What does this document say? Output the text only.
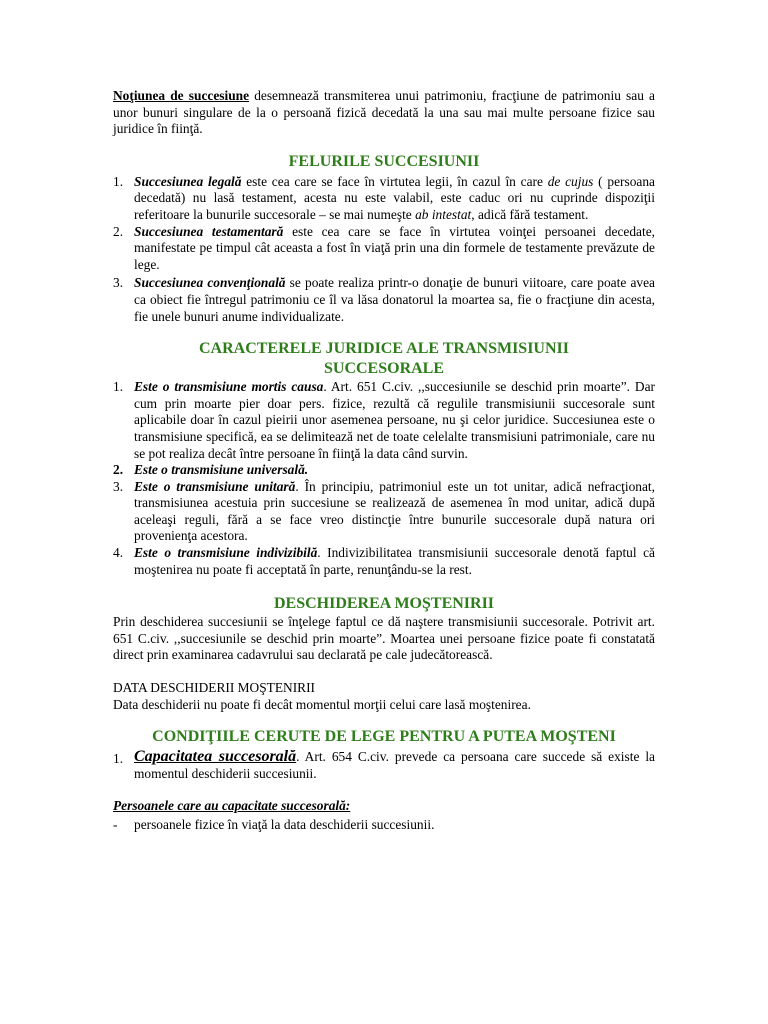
Noţiunea de succesiune desemnează transmiterea unui patrimoniu, fracţiune de patrimoniu sau a unor bunuri singulare de la o persoană fizică decedată la una sau mai multe persoane fizice sau juridice în fiinţă.

FELURILE SUCCESIUNII
1. Succesiunea legală este cea care se face în virtutea legii, în cazul în care de cujus ( persoana decedată) nu lasă testament, acesta nu este valabil, este caduc ori nu cuprinde dispoziţii referitoare la bunurile succesorale – se mai numeşte ab intestat, adică fără testament.
2. Succesiunea testamentară este cea care se face în virtutea voinţei persoanei decedate, manifestate pe timpul cât aceasta a fost în viaţă prin una din formele de testamente prevăzute de lege.
3. Succesiunea convenţională se poate realiza printr-o donaţie de bunuri viitoare, care poate avea ca obiect fie întregul patrimoniu ce îl va lăsa donatorul la moartea sa, fie o fracţiune din acesta, fie unele bunuri anume individualizate.
CARACTERELE JURIDICE ALE TRANSMISIUNII
SUCCESORALE
1. Este o transmisiune mortis causa. Art. 651 C.civ. ,,succesiunile se deschid prin moarte”. Dar cum prin moarte pier doar pers. fizice, rezultă că regulile transmisiunii succesorale sunt aplicabile doar în cazul pieirii unor asemenea persoane, nu şi celor juridice. Succesiunea este o transmisiune specifică, ea se delimitează net de toate celelalte transmisiuni patrimoniale, care nu se pot realiza decât între persoane în fiinţă la data când survin.
2. Este o transmisiune universală.
3. Este o transmisiune unitară. În principiu, patrimoniul este un tot unitar, adică nefracţionat, transmisiunea acestuia prin succesiune se realizează de asemenea în mod unitar, adică după aceleaşi reguli, fără a se face vreo distincţie între bunurile succesorale după natura ori provenienţa acestora.
4. Este o transmisiune indivizibilă. Indivizibilitatea transmisiunii succesorale denotă faptul că moştenirea nu poate fi acceptată în parte, renunţându-se la rest.
DESCHIDEREA MOŞTENIRII

Prin deschiderea succesiunii se înţelege faptul ce dă naştere transmisiunii succesorale. Potrivit art. 651 C.civ. ,,succesiunile se deschid prin moarte”. Moartea unei persoane fizice poate fi constatată direct prin examinarea cadavrului sau declarată pe cale judecătorească.

DATA DESCHIDERII MOŞTENIRII

Data deschiderii nu poate fi decât momentul morţii celui care lasă moştenirea.

CONDIŢIILE CERUTE DE LEGE PENTRU A PUTEA MOŞTENI
1. Capacitatea succesorală. Art. 654 C.civ. prevede ca persoana care succede să existe la momentul deschiderii succesiunii.

Persoanele care au capacitate succesorală:

- persoanele fizice în viaţă la data deschiderii succesiunii.
